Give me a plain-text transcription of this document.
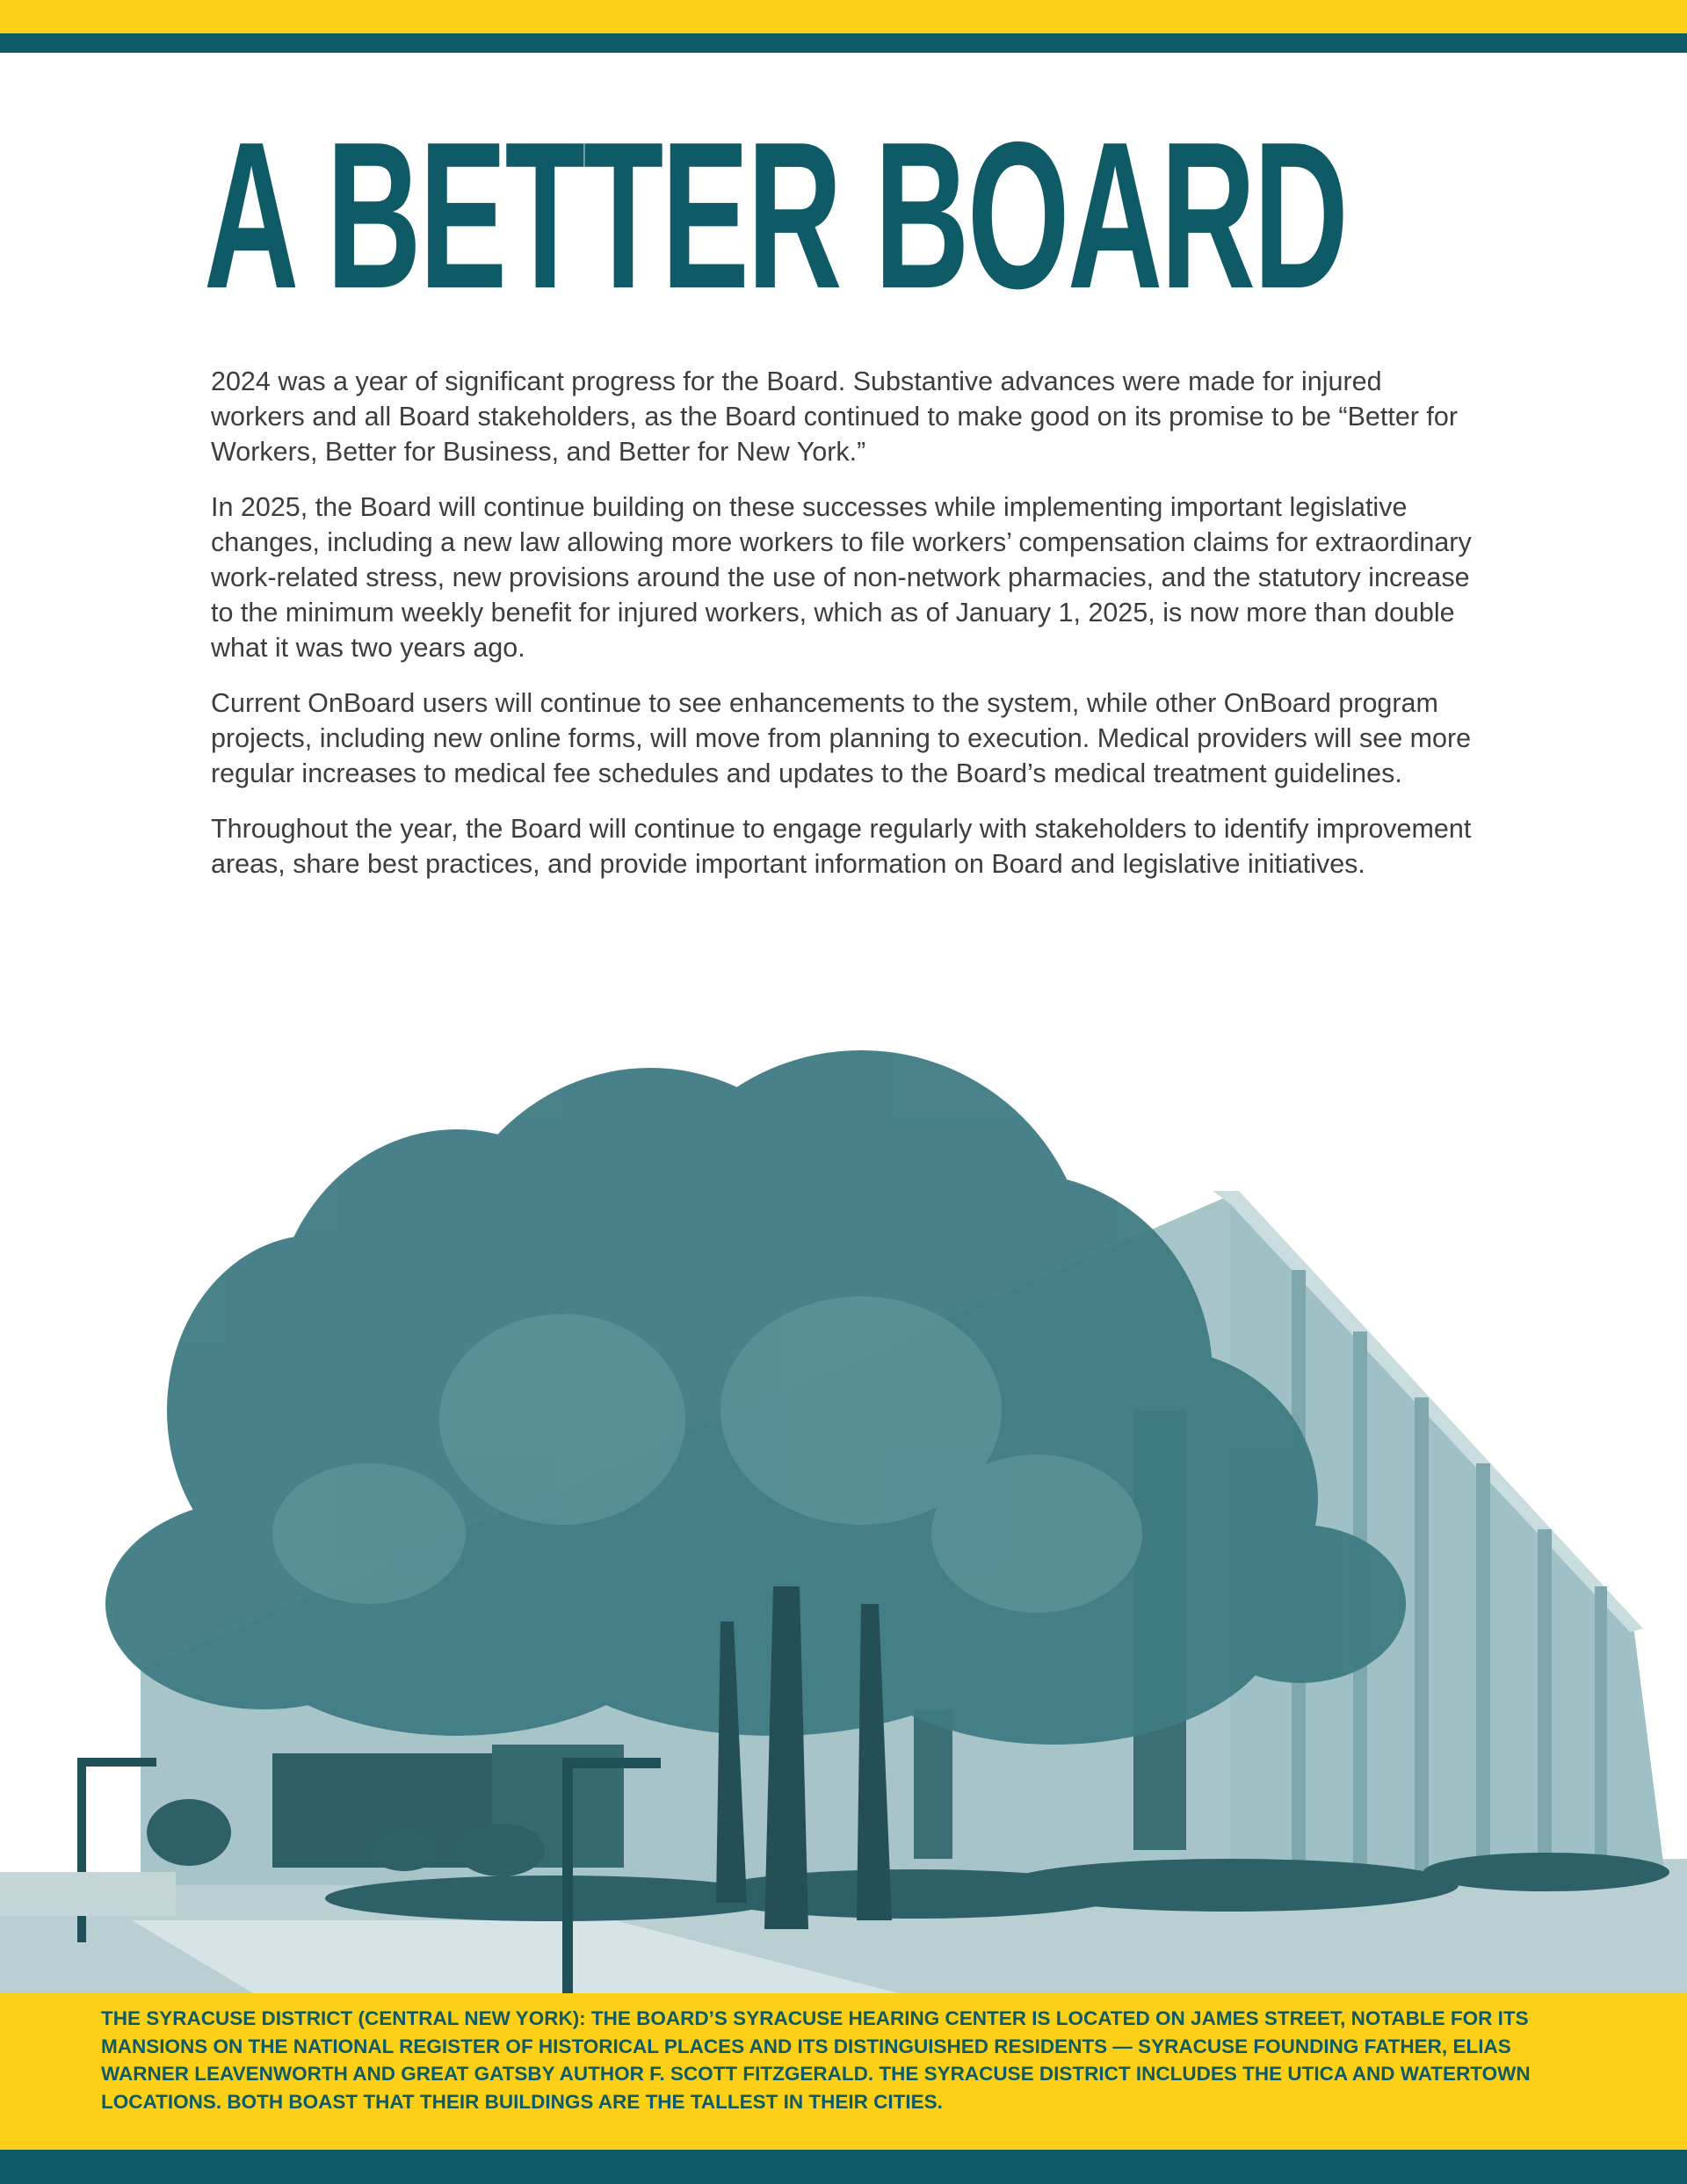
A BETTER BOARD

2024 was a year of significant progress for the Board. Substantive advances were made for injured workers and all Board stakeholders, as the Board continued to make good on its promise to be “Better for Workers, Better for Business, and Better for New York.”

In 2025, the Board will continue building on these successes while implementing important legislative changes, including a new law allowing more workers to file workers’ compensation claims for extraordinary work-related stress, new provisions around the use of non-network pharmacies, and the statutory increase to the minimum weekly benefit for injured workers, which as of January 1, 2025, is now more than double what it was two years ago.

Current OnBoard users will continue to see enhancements to the system, while other OnBoard program projects, including new online forms, will move from planning to execution. Medical providers will see more regular increases to medical fee schedules and updates to the Board’s medical treatment guidelines.

Throughout the year, the Board will continue to engage regularly with stakeholders to identify improvement areas, share best practices, and provide important information on Board and legislative initiatives.

THE SYRACUSE DISTRICT (CENTRAL NEW YORK): THE BOARD’S SYRACUSE HEARING CENTER IS LOCATED ON JAMES STREET, NOTABLE FOR ITS MANSIONS ON THE NATIONAL REGISTER OF HISTORICAL PLACES AND ITS DISTINGUISHED RESIDENTS — SYRACUSE FOUNDING FATHER, ELIAS WARNER LEAVENWORTH AND GREAT GATSBY AUTHOR F. SCOTT FITZGERALD. THE SYRACUSE DISTRICT INCLUDES THE UTICA AND WATERTOWN LOCATIONS. BOTH BOAST THAT THEIR BUILDINGS ARE THE TALLEST IN THEIR CITIES.
